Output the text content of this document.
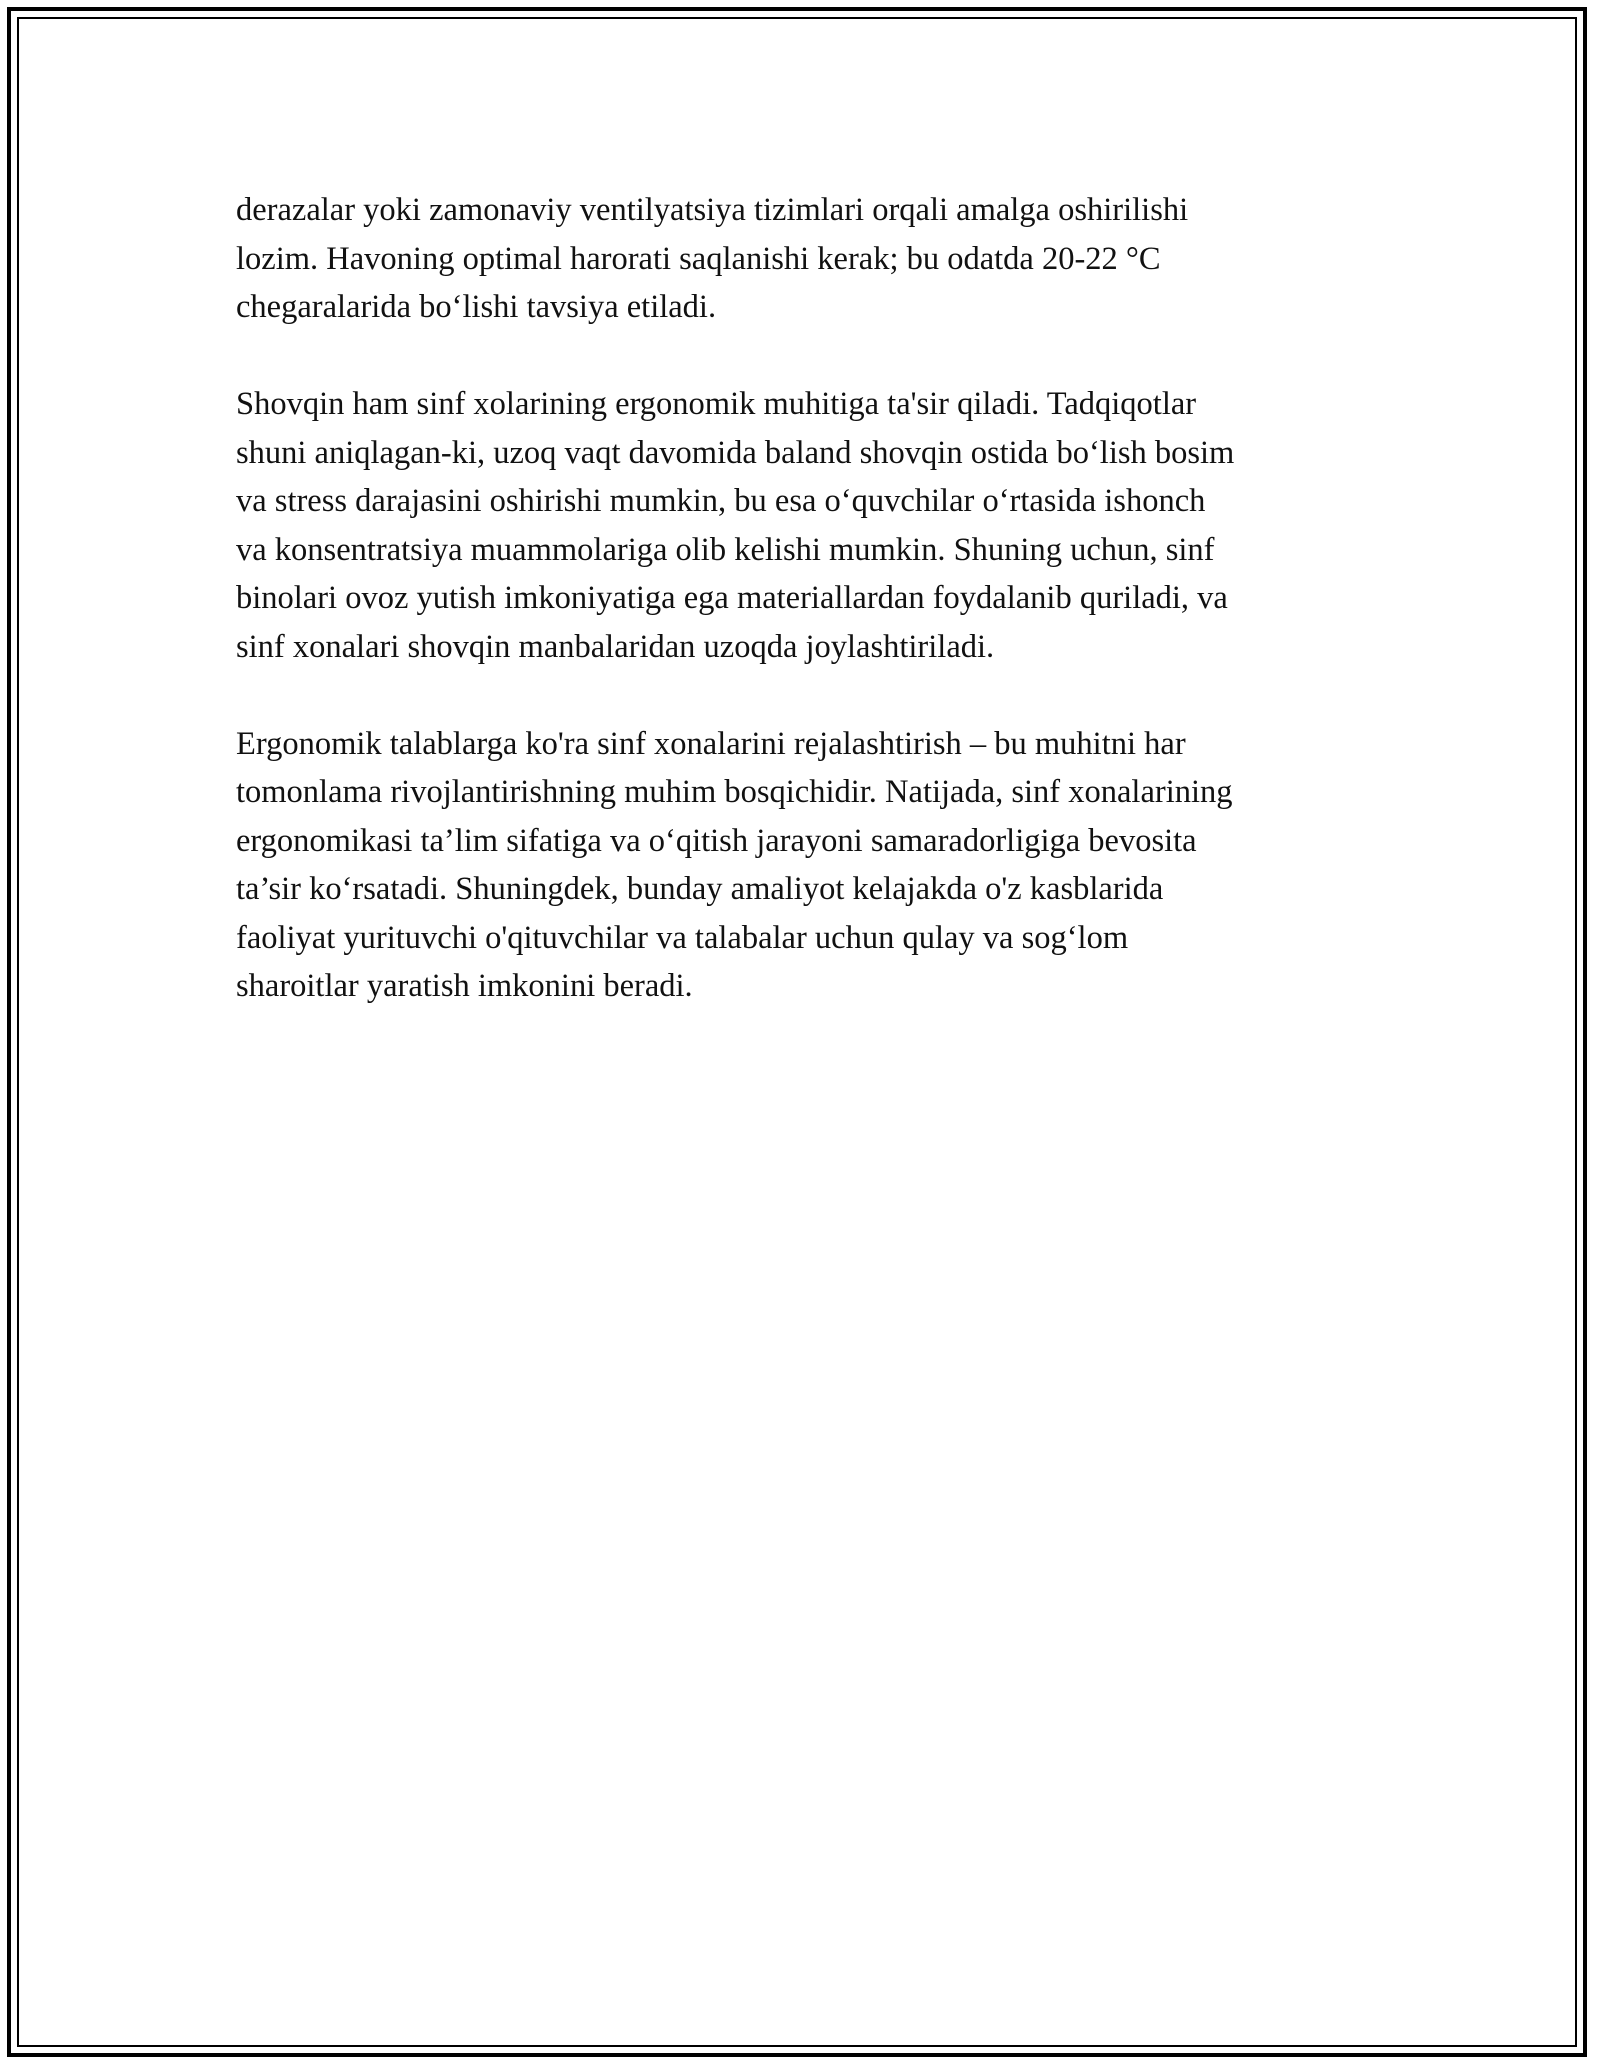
derazalar yoki zamonaviy ventilyatsiya tizimlari orqali amalga oshirilishi
lozim. Havoning optimal harorati saqlanishi kerak; bu odatda 20-22 °C
chegaralarida boʻlishi tavsiya etiladi.

Shovqin ham sinf xolarining ergonomik muhitiga ta'sir qiladi. Tadqiqotlar
shuni aniqlagan-ki, uzoq vaqt davomida baland shovqin ostida boʻlish bosim
va stress darajasini oshirishi mumkin, bu esa oʻquvchilar oʻrtasida ishonch
va konsentratsiya muammolariga olib kelishi mumkin. Shuning uchun, sinf
binolari ovoz yutish imkoniyatiga ega materiallardan foydalanib quriladi, va
sinf xonalari shovqin manbalaridan uzoqda joylashtiriladi.

Ergonomik talablarga ko'ra sinf xonalarini rejalashtirish – bu muhitni har
tomonlama rivojlantirishning muhim bosqichidir. Natijada, sinf xonalarining
ergonomikasi ta’lim sifatiga va oʻqitish jarayoni samaradorligiga bevosita
ta’sir koʻrsatadi. Shuningdek, bunday amaliyot kelajakda o'z kasblarida
faoliyat yurituvchi o'qituvchilar va talabalar uchun qulay va sogʻlom
sharoitlar yaratish imkonini beradi.
